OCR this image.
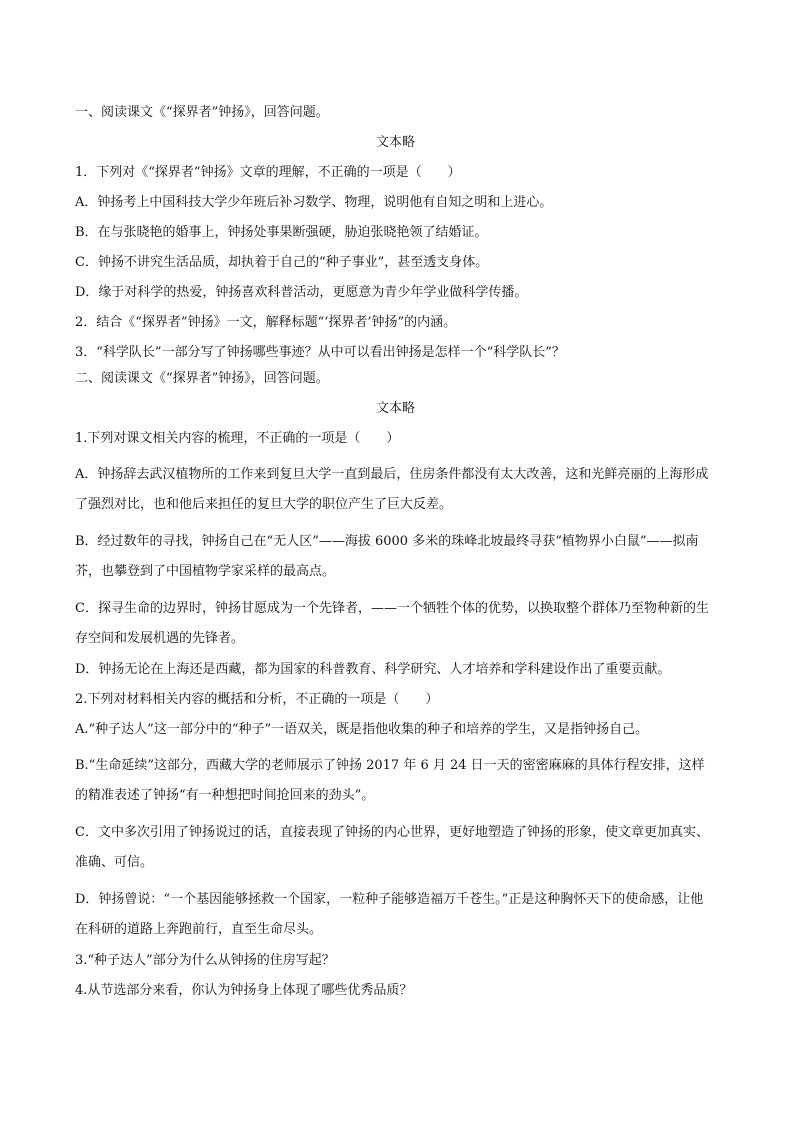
一、阅读课文《“探界者”钟扬》，回答问题。
文本略
1．下列对《“探界者”钟扬》文章的理解，不正确的一项是（　　）
A．钟扬考上中国科技大学少年班后补习数学、物理，说明他有自知之明和上进心。
B．在与张晓艳的婚事上，钟扬处事果断强硬，胁迫张晓艳领了结婚证。
C．钟扬不讲究生活品质，却执着于自己的“种子事业”，甚至透支身体。
D．缘于对科学的热爱，钟扬喜欢科普活动，更愿意为青少年学业做科学传播。
2．结合《“探界者”钟扬》一文，解释标题“‘探界者’钟扬”的内涵。
3．“科学队长”一部分写了钟扬哪些事迹？从中可以看出钟扬是怎样一个“科学队长”？
二、阅读课文《“探界者”钟扬》，回答问题。
文本略
1.下列对课文相关内容的梳理，不正确的一项是（　　）
A．钟扬辞去武汉植物所的工作来到复旦大学一直到最后，住房条件都没有太大改善，这和光鲜亮丽的上海形成了强烈对比，也和他后来担任的复旦大学的职位产生了巨大反差。
B．经过数年的寻找，钟扬自己在“无人区”——海拔 6000 多米的珠峰北坡最终寻获“植物界小白鼠”——拟南芥，也攀登到了中国植物学家采样的最高点。
C．探寻生命的边界时，钟扬甘愿成为一个先锋者，——一个牺牲个体的优势，以换取整个群体乃至物种新的生存空间和发展机遇的先锋者。
D．钟扬无论在上海还是西藏，都为国家的科普教育、科学研究、人才培养和学科建设作出了重要贡献。
2.下列对材料相关内容的概括和分析，不正确的一项是（　　）
A.“种子达人”这一部分中的“种子”一语双关，既是指他收集的种子和培养的学生，又是指钟扬自己。
B.“生命延续”这部分，西藏大学的老师展示了钟扬 2017 年 6 月 24 日一天的密密麻麻的具体行程安排，这样的精准表述了钟扬“有一种想把时间抢回来的劲头”。
C．文中多次引用了钟扬说过的话，直接表现了钟扬的内心世界，更好地塑造了钟扬的形象，使文章更加真实、准确、可信。
D．钟扬曾说：“一个基因能够拯救一个国家，一粒种子能够造福万千苍生。”正是这种胸怀天下的使命感，让他在科研的道路上奔跑前行，直至生命尽头。
3.“种子达人”部分为什么从钟扬的住房写起？
4.从节选部分来看，你认为钟扬身上体现了哪些优秀品质？
